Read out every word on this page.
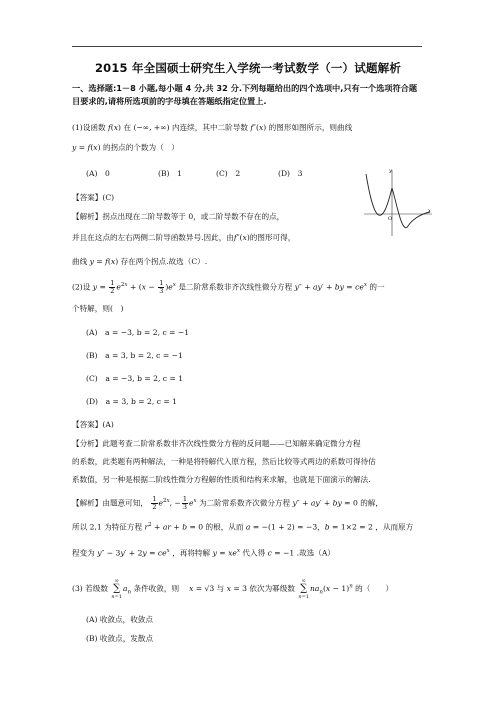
2015 年全国硕士研究生入学统一考试数学（一）试题解析
一、选择题:1－8 小题,每小题 4 分,共 32 分.下列每题给出的四个选项中,只有一个选项符合题目要求的,请将所选项前的字母填在答题纸指定位置上.
(1)设函数 f(x) 在 (−∞, +∞) 内连续，其中二阶导数 f″(x) 的图形如图所示，则曲线
y = f(x) 的拐点的个数为（　）
(A)　0	(B)　1	(C)　2	(D)　3
【答案】(C)
【解析】拐点出现在二阶导数等于 0，或二阶导数不存在的点，
并且在这点的左右两侧二阶导函数异号.因此，由f″(x)的图形可得，
曲线 y = f(x) 存在两个拐点.故选（C）.
y
x
O
(2)设 $y = \frac{1}{2} e^{2x} + (x - \frac{1}{3} )e^x$ 是二阶常系数非齐次线性微分方程 y″ + ay′ + by = $ce^x$ 的一
个特解，则(　)
(A)　a = −3, b = 2, c = −1
(B)　a = 3, b = 2, c = −1
(C)　a = −3, b = 2, c = 1
(D)　a = 3, b = 2, c = 1
【答案】(A)
【分析】此题考查二阶常系数非齐次线性微分方程的反问题——已知解来确定微分方程
的系数，此类题有两种解法，一种是将特解代入原方程，然后比较等式两边的系数可得待估
系数值，另一种是根据二阶线性微分方程解的性质和结构来求解，也就是下面演示的解法.
【解析】由题意可知， $\frac{1}{2} e^{2x}$, − $\frac{1}{3} e^x$ 为二阶常系数齐次微分方程 y″ + ay′ + by = 0 的解，
所以 2,1 为特征方程 $r^2$ + ar + b = 0 的根，从而 a = −(1 + 2) = −3，b = 1×2 = 2 ，从而原方
程变为 $y'' - 3y' + 2y = ce^x$ ，再将特解 $y = xe^x$ 代入得 c = −1 .故选（A）
(3) 若级数 ∞
∑
$n=1a_n$ 条件收敛，则 　 x = √3 与 x = 3 依次为幂级数 ∞
∑
$n=1na_n(x - 1)^n$ 的（　　）
(A) 收敛点，收敛点
(B) 收敛点，发散点
